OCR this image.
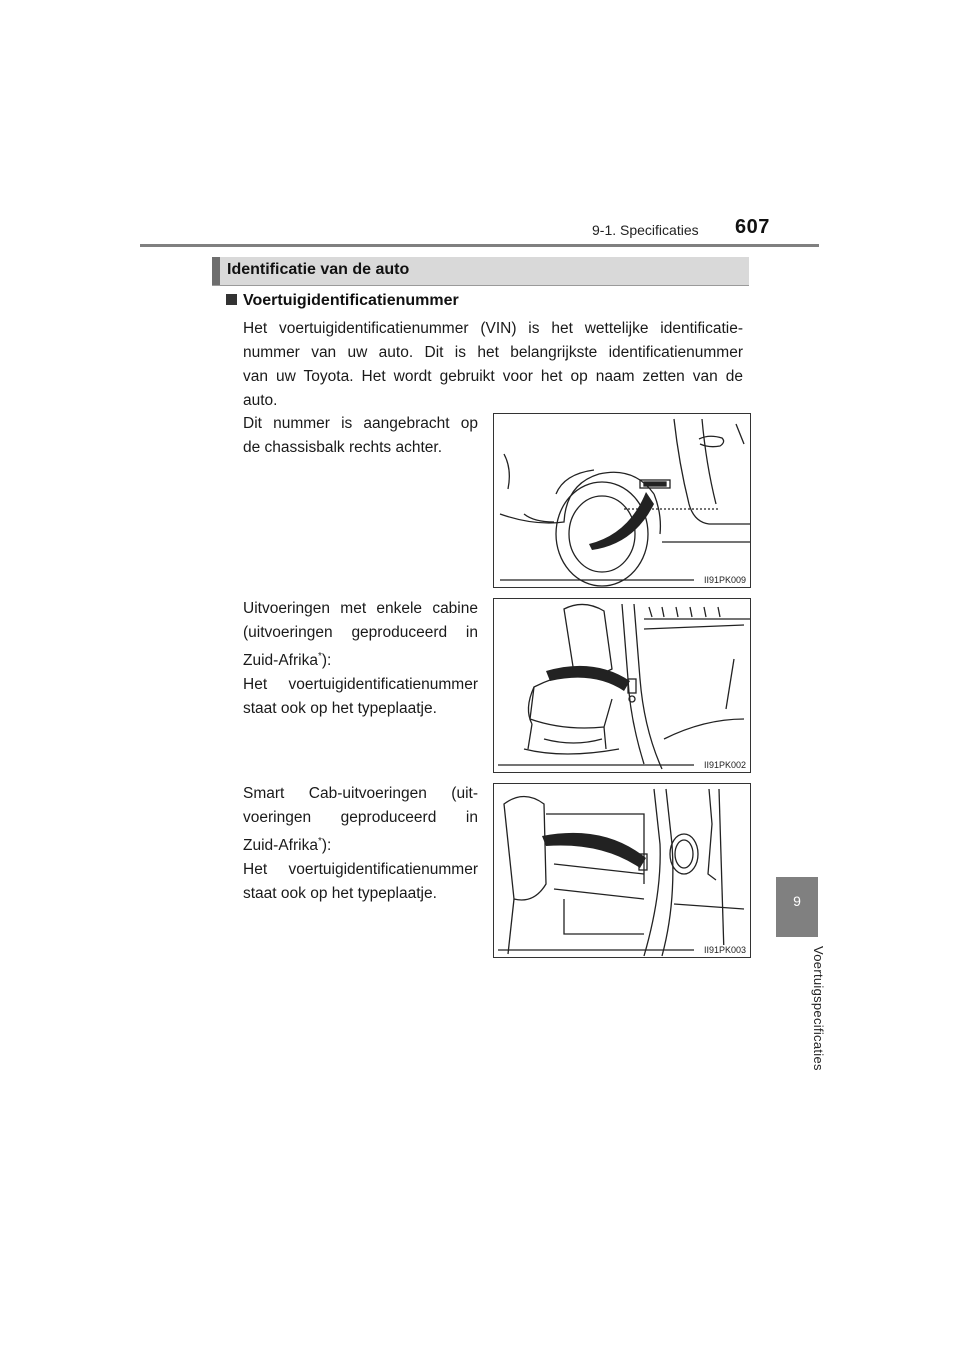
9-1. Specificaties 607
9
Voertuigspecificaties
Identificatie van de auto
Voertuigidentificatienummer
Het voertuigidentificatienummer (VIN) is het wettelijke identificatie-
nummer van uw auto. Dit is het belangrijkste identificatienummer
van uw Toyota. Het wordt gebruikt voor het op naam zetten van de
auto.
Dit nummer is aangebracht op
de chassisbalk rechts achter.
Uitvoeringen met enkele cabine
(uitvoeringen geproduceerd in
Zuid-Afrika*):
Het voertuigidentificatienummer
staat ook op het typeplaatje.
Smart Cab-uitvoeringen (uit-
voeringen geproduceerd in
Zuid-Afrika*):
Het voertuigidentificatienummer
staat ook op het typeplaatje.
II91PK009
II91PK002
II91PK003
